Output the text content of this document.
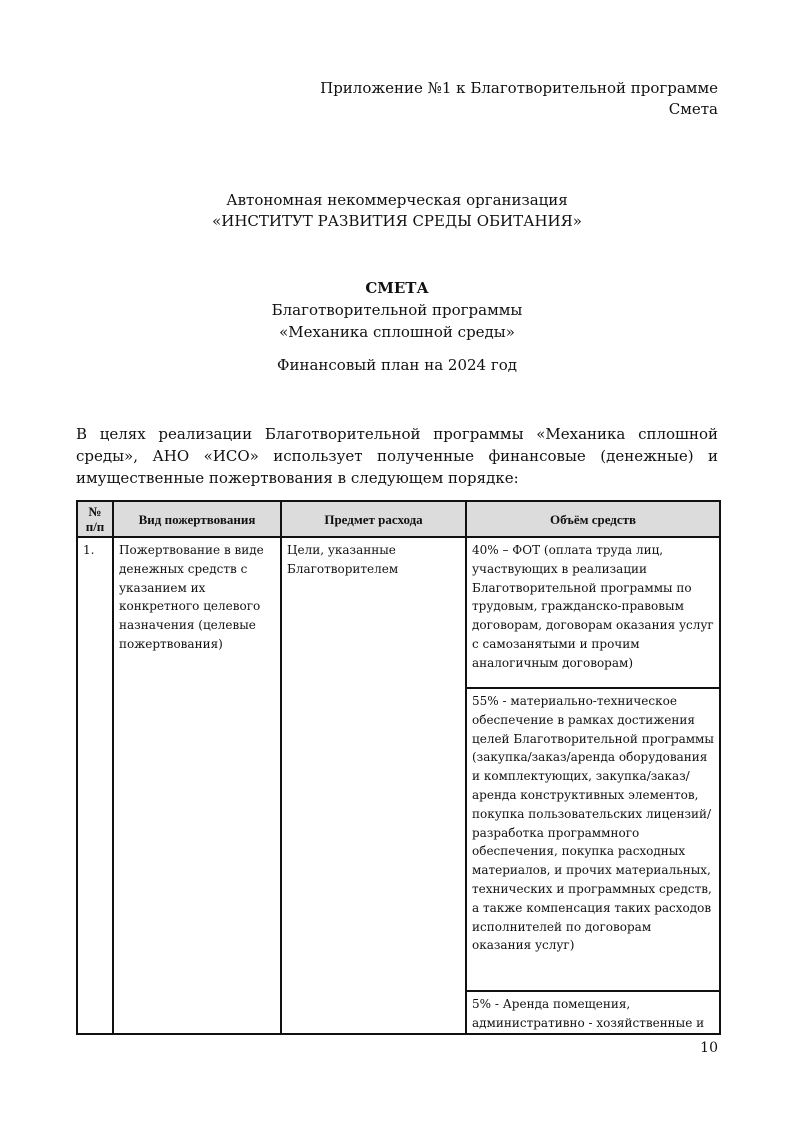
Приложение №1 к Благотворительной программе
Смета
Автономная некоммерческая организация
«ИНСТИТУТ РАЗВИТИЯ СРЕДЫ ОБИТАНИЯ»
СМЕТА
Благотворительной программы
«Механика сплошной среды»
Финансовый план на 2024 год
В целях реализации Благотворительной программы «Механика сплошной среды», АНО «ИСО» использует полученные финансовые (денежные) и имущественные пожертвования в следующем порядке:
№
п/п	Вид пожертвования	Предмет расхода	Объём средств
1.	Пожертвование в виде денежных средств с указанием их конкретного целевого назначения (целевые пожертвования)	Цели, указанные Благотворителем	40% – ФОТ (оплата труда лиц, участвующих в реализации Благотворительной программы по трудовым, гражданско-правовым договорам, договорам оказания услуг с самозанятыми и прочим аналогичным договорам)
			55% - материально-техническое обеспечение в рамках достижения целей Благотворительной программы (закупка/заказ/аренда оборудования и комплектующих, закупка/заказ/аренда конструктивных элементов, покупка пользовательских лицензий/разработка программного обеспечения, покупка расходных материалов, и прочих материальных, технических и программных средств, а также компенсация таких расходов исполнителей по договорам оказания услуг)
			5% - Аренда помещения, административно - хозяйственные и
10
